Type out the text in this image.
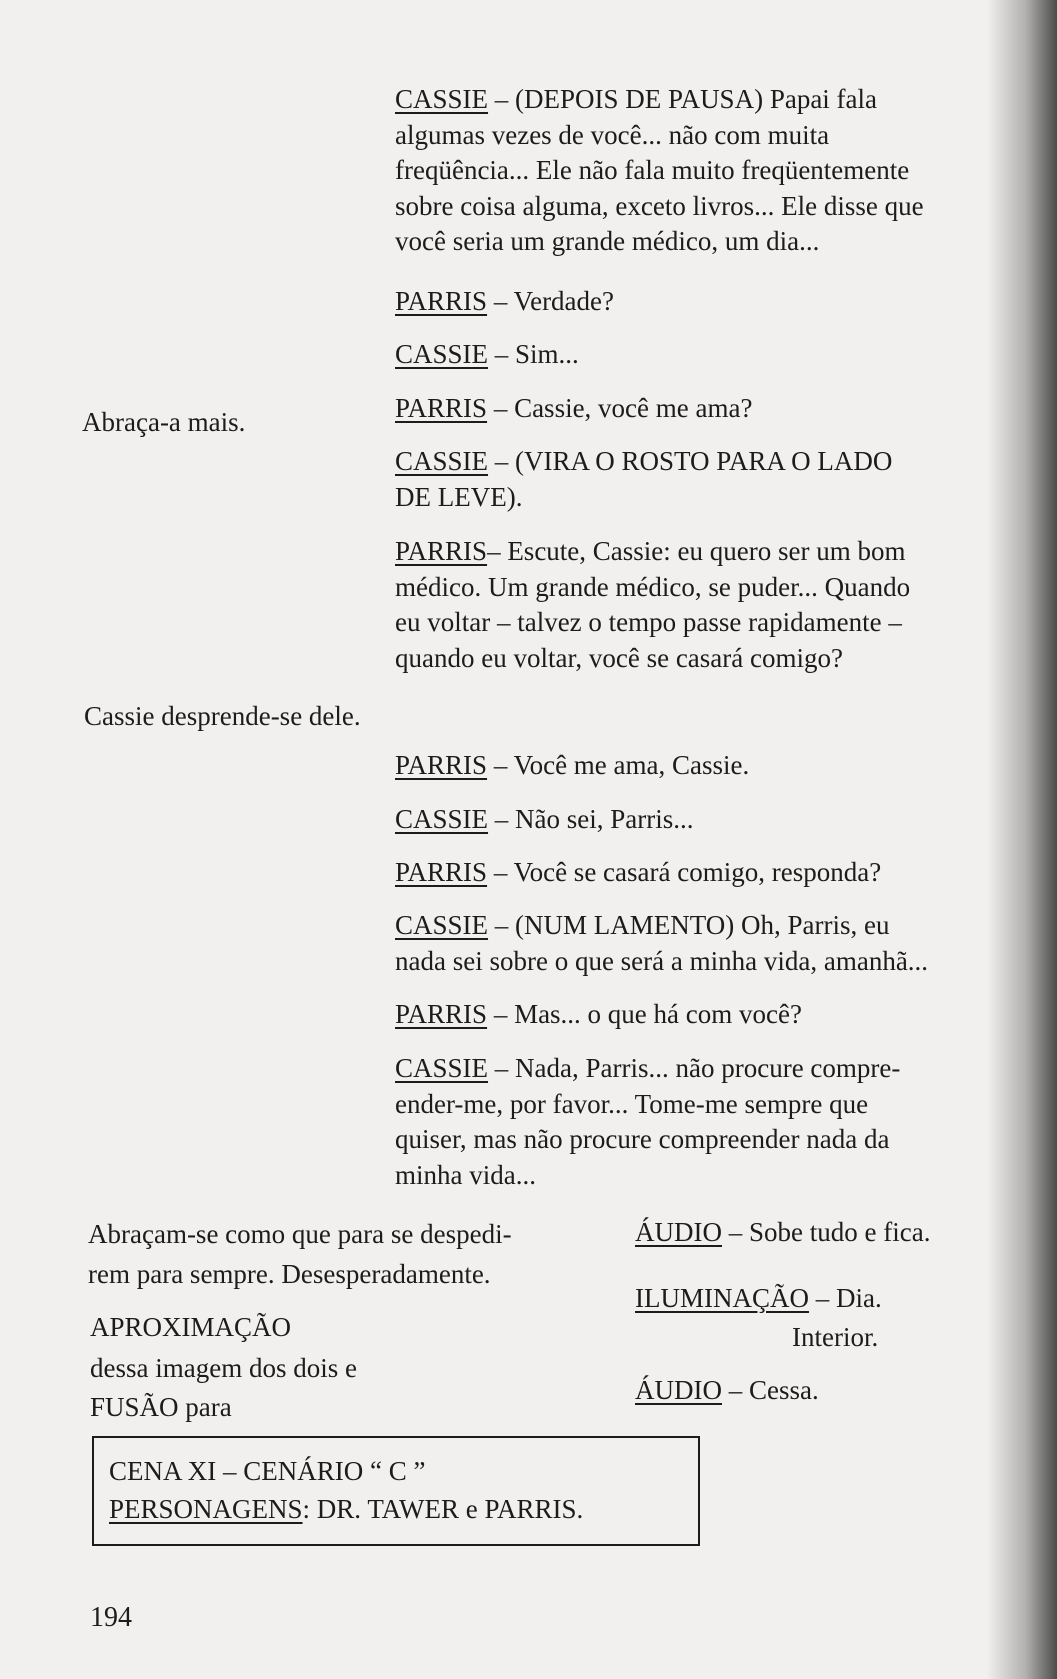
CASSIE – (DEPOIS DE PAUSA) Papai fala
algumas vezes de você... não com muita
freqüência... Ele não fala muito freqüentemente
sobre coisa alguma, exceto livros... Ele disse que
você seria um grande médico, um dia...
PARRIS – Verdade?
CASSIE – Sim...
PARRIS – Cassie, você me ama?
CASSIE – (VIRA O ROSTO PARA O LADO
DE LEVE).
PARRIS– Escute, Cassie: eu quero ser um bom
médico. Um grande médico, se puder... Quando
eu voltar – talvez o tempo passe rapidamente –
quando eu voltar, você se casará comigo?
PARRIS – Você me ama, Cassie.
CASSIE – Não sei, Parris...
PARRIS – Você se casará comigo, responda?
CASSIE – (NUM LAMENTO) Oh, Parris, eu
nada sei sobre o que será a minha vida, amanhã...
PARRIS – Mas... o que há com você?
CASSIE – Nada, Parris... não procure compre-
ender-me, por favor... Tome-me sempre que
quiser, mas não procure compreender nada da
minha vida...
Abraça-a mais.
Cassie desprende-se dele.
Abraçam-se como que para se despedi-
rem para sempre. Desesperadamente.
APROXIMAÇÃO
dessa imagem dos dois e
FUSÃO para
ÁUDIO – Sobe tudo e fica.
ILUMINAÇÃO – Dia.
Interior.
ÁUDIO – Cessa.
CENA XI – CENÁRIO “ C ”
PERSONAGENS: DR. TAWER e PARRIS.
194
